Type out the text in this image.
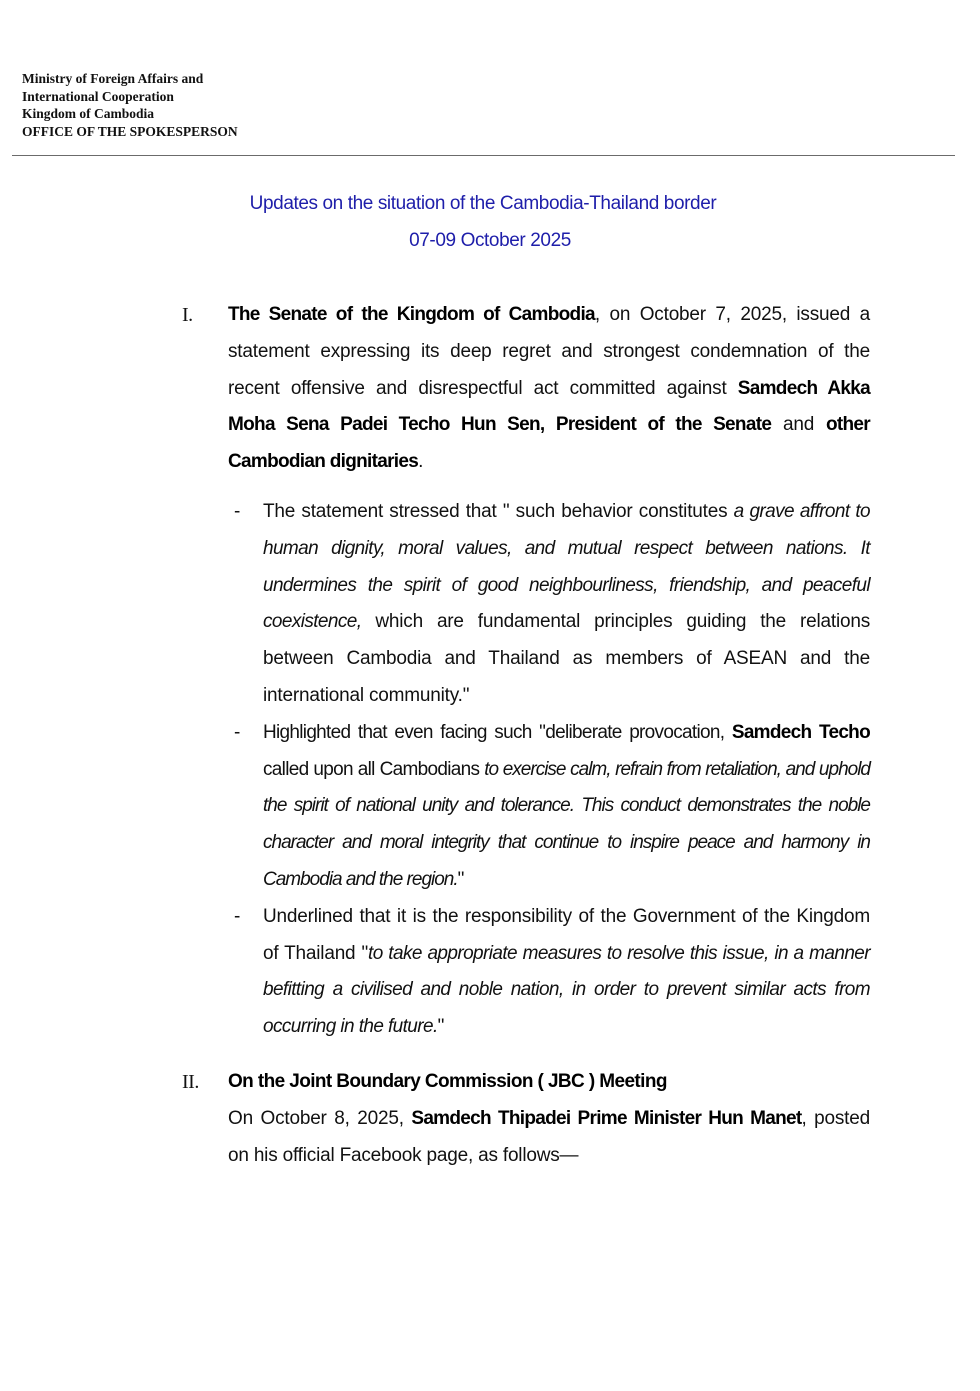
Ministry of Foreign Affairs and
International Cooperation
Kingdom of Cambodia
OFFICE OF THE SPOKESPERSON
Updates on the situation of the Cambodia-Thailand border
07-09 October 2025
I. The Senate of the Kingdom of Cambodia, on October 7, 2025, issued a statement expressing its deep regret and strongest condemnation of the recent offensive and disrespectful act committed against Samdech Akka Moha Sena Padei Techo Hun Sen, President of the Senate and other Cambodian dignitaries.
- The statement stressed that " such behavior constitutes a grave affront to human dignity, moral values, and mutual respect between nations. It undermines the spirit of good neighbourliness, friendship, and peaceful coexistence, which are fundamental principles guiding the relations between Cambodia and Thailand as members of ASEAN and the international community."
- Highlighted that even facing such "deliberate provocation, Samdech Techo called upon all Cambodians to exercise calm, refrain from retaliation, and uphold the spirit of national unity and tolerance. This conduct demonstrates the noble character and moral integrity that continue to inspire peace and harmony in Cambodia and the region."
- Underlined that it is the responsibility of the Government of the Kingdom of Thailand "to take appropriate measures to resolve this issue, in a manner befitting a civilised and noble nation, in order to prevent similar acts from occurring in the future."
II. On the Joint Boundary Commission ( JBC ) Meeting
On October 8, 2025, Samdech Thipadei Prime Minister Hun Manet, posted on his official Facebook page, as follows—
